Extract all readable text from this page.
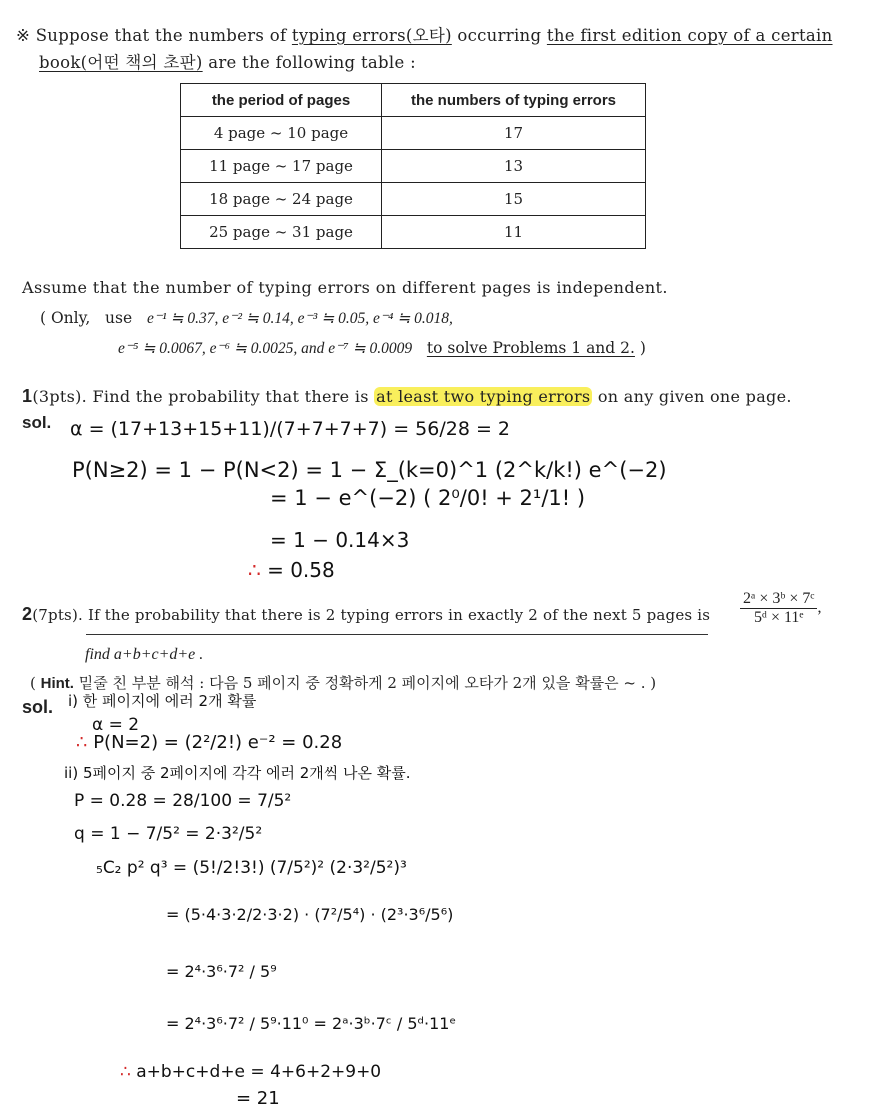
※ Suppose that the numbers of typing errors(오타) occurring the first edition copy of a certain
book(어떤 책의 초판) are the following table :
the period of pages	the numbers of typing errors
4 page ~ 10 page	17
11 page ~ 17 page	13
18 page ~ 24 page	15
25 page ~ 31 page	11
Assume that the number of typing errors on different pages is independent.
( Only, use e⁻¹ ≒ 0.37, e⁻² ≒ 0.14, e⁻³ ≒ 0.05, e⁻⁴ ≒ 0.018,
e⁻⁵ ≒ 0.0067, e⁻⁶ ≒ 0.0025, and e⁻⁷ ≒ 0.0009 to solve Problems 1 and 2. )
1(3pts). Find the probability that there is at least two typing errors on any given one page.
sol. α = (17+13+15+11)/(7+7+7+7) = 56/28 = 2
P(N≥2) = 1 − P(N<2) = 1 − Σ_(k=0)^1 (2^k/k!) e^(−2)
= 1 − e^(−2) ( 2⁰/0! + 2¹/1! )
= 1 − 0.14×3
∴ = 0.58
2(7pts). If the probability that there is 2 typing errors in exactly 2 of the next 5 pages is $\frac{\text{2ᵃ × 3ᵇ × 7ᶜ}}{\text{5ᵈ × 11ᵉ}}$ ,
find a+b+c+d+e .
( Hint. 밑줄 친 부분 해석 : 다음 5 페이지 중 정확하게 2 페이지에 오타가 2개 있을 확률은 ~ . )
sol. i) 한 페이지에 에러 2개 확률
α = 2
∴ P(N=2) = (2²/2!) e⁻² = 0.28
ii) 5페이지 중 2페이지에 각각 에러 2개씩 나온 확률.
P = 0.28 = 28/100 = 7/5²
q = 1 − 7/5² = 2·3²/5²
₅C₂ p² q³ = (5!/2!3!) (7/5²)² (2·3²/5²)³
= (5·4·3·2/2·3·2) · (7²/5⁴) · (2³·3⁶/5⁶)
= 2⁴·3⁶·7² / 5⁹
= 2⁴·3⁶·7² / 5⁹·11⁰ = 2ᵃ·3ᵇ·7ᶜ / 5ᵈ·11ᵉ
∴ a+b+c+d+e = 4+6+2+9+0
= 21
